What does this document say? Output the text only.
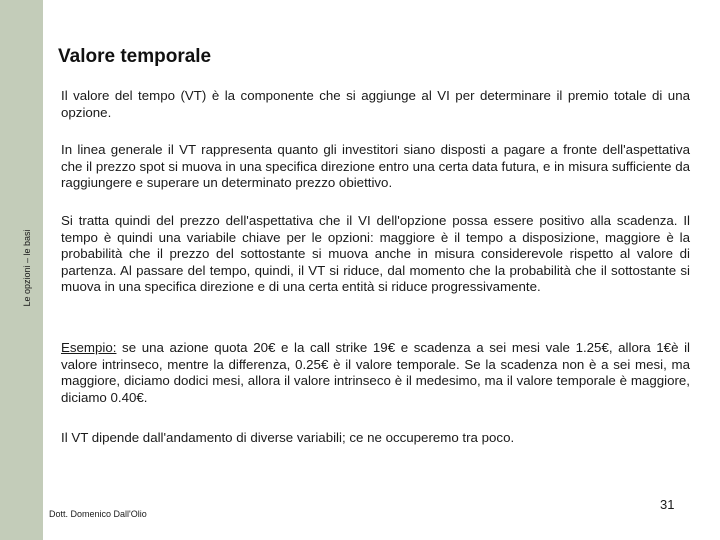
Le opzioni – le basi
Valore temporale

Il valore del tempo (VT) è la componente che si aggiunge al VI per determinare il premio totale di una opzione.

In linea generale il VT rappresenta quanto gli investitori siano disposti a pagare a fronte dell'aspettativa che il prezzo spot si muova in una specifica direzione entro una certa data futura, e in misura sufficiente da raggiungere e superare un determinato prezzo obiettivo.

Si tratta quindi del prezzo dell'aspettativa che il VI dell'opzione possa essere positivo alla scadenza. Il tempo è quindi una variabile chiave per le opzioni: maggiore è il tempo a disposizione, maggiore è la probabilità che il prezzo del sottostante si muova anche in misura considerevole rispetto al valore di partenza. Al passare del tempo, quindi, il VT si riduce, dal momento che la probabilità che il sottostante si muova in una specifica direzione e di una certa entità si riduce progressivamente.

Esempio: se una azione quota 20€ e la call strike 19€ e scadenza a sei mesi vale 1.25€, allora 1€è il valore intrinseco, mentre la differenza, 0.25€ è il valore temporale. Se la scadenza non è a sei mesi, ma maggiore, diciamo dodici mesi, allora il valore intrinseco è il medesimo, ma il valore temporale è maggiore, diciamo 0.40€.

Il VT dipende dall'andamento di diverse variabili; ce ne occuperemo tra poco.

Dott. Domenico Dall'Olio
31
